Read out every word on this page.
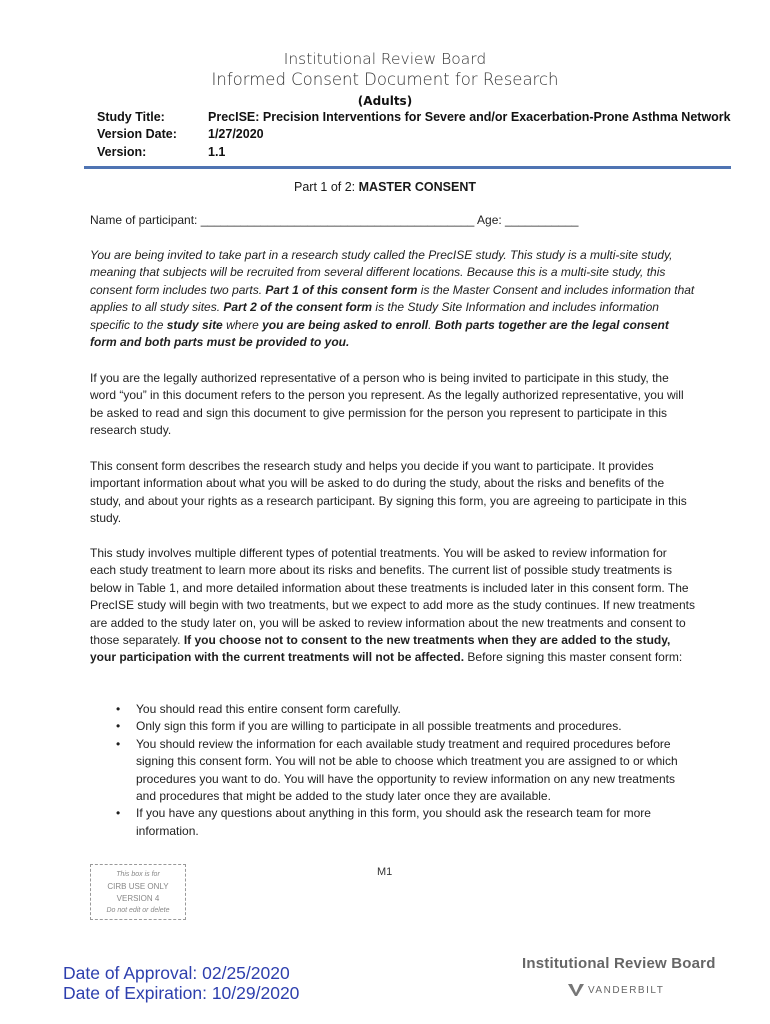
Institutional Review Board
Informed Consent Document for Research
(Adults)
Study Title:	PrecISE: Precision Interventions for Severe and/or Exacerbation-Prone Asthma Network
Version Date:	1/27/2020
Version:	1.1
Part 1 of 2: MASTER CONSENT
Name of participant: _________________________________________ Age: ___________
You are being invited to take part in a research study called the PrecISE study. This study is a multi-site study, meaning that subjects will be recruited from several different locations. Because this is a multi-site study, this consent form includes two parts. Part 1 of this consent form is the Master Consent and includes information that applies to all study sites. Part 2 of the consent form is the Study Site Information and includes information specific to the study site where you are being asked to enroll. Both parts together are the legal consent form and both parts must be provided to you.
If you are the legally authorized representative of a person who is being invited to participate in this study, the word “you” in this document refers to the person you represent. As the legally authorized representative, you will be asked to read and sign this document to give permission for the person you represent to participate in this research study.
This consent form describes the research study and helps you decide if you want to participate. It provides important information about what you will be asked to do during the study, about the risks and benefits of the study, and about your rights as a research participant. By signing this form, you are agreeing to participate in this study.
This study involves multiple different types of potential treatments. You will be asked to review information for each study treatment to learn more about its risks and benefits. The current list of possible study treatments is below in Table 1, and more detailed information about these treatments is included later in this consent form. The PrecISE study will begin with two treatments, but we expect to add more as the study continues. If new treatments are added to the study later on, you will be asked to review information about the new treatments and consent to those separately. If you choose not to consent to the new treatments when they are added to the study, your participation with the current treatments will not be affected. Before signing this master consent form:
• You should read this entire consent form carefully.
• Only sign this form if you are willing to participate in all possible treatments and procedures.
• You should review the information for each available study treatment and required procedures before signing this consent form. You will not be able to choose which treatment you are assigned to or which procedures you want to do. You will have the opportunity to review information on any new treatments and procedures that might be added to the study later once they are available.
• If you have any questions about anything in this form, you should ask the research team for more information.
This box is for
CIRB USE ONLY
VERSION 4
Do not edit or delete
M1
Date of Approval: 02/25/2020
Date of Expiration: 10/29/2020
Institutional Review Board
VANDERBILT
